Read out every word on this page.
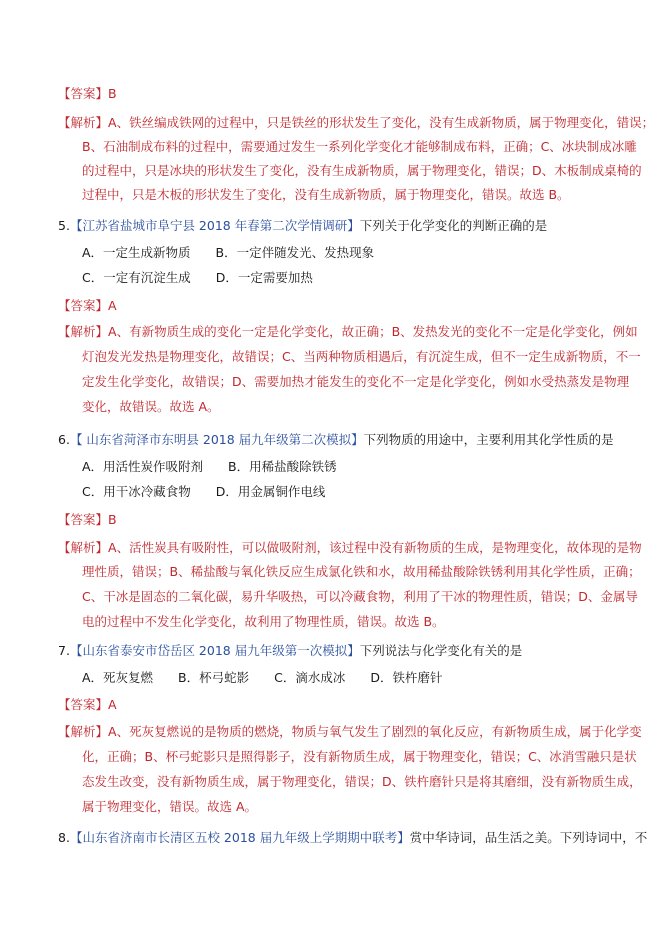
【答案】B
【解析】A、铁丝编成铁网的过程中，只是铁丝的形状发生了变化，没有生成新物质，属于物理变化，错误；
B、石油制成布料的过程中，需要通过发生一系列化学变化才能够制成布料，正确；C、冰块制成冰雕
的过程中，只是冰块的形状发生了变化，没有生成新物质，属于物理变化，错误；D、木板制成桌椅的
过程中，只是木板的形状发生了变化，没有生成新物质，属于物理变化，错误。故选 B。
5.【江苏省盐城市阜宁县 2018 年春第二次学情调研】下列关于化学变化的判断正确的是
A．一定生成新物质　　B．一定伴随发光、发热现象
C．一定有沉淀生成　　D．一定需要加热
【答案】A
【解析】A、有新物质生成的变化一定是化学变化，故正确；B、发热发光的变化不一定是化学变化，例如
灯泡发光发热是物理变化，故错误；C、当两种物质相遇后，有沉淀生成，但不一定生成新物质，不一
定发生化学变化，故错误；D、需要加热才能发生的变化不一定是化学变化，例如水受热蒸发是物理
变化，故错误。故选 A。
6.【 山东省菏泽市东明县 2018 届九年级第二次模拟】下列物质的用途中，主要利用其化学性质的是
A．用活性炭作吸附剂　　B．用稀盐酸除铁锈
C．用干冰冷藏食物　　D．用金属铜作电线
【答案】B
【解析】A、活性炭具有吸附性，可以做吸附剂，该过程中没有新物质的生成，是物理变化，故体现的是物
理性质，错误；B、稀盐酸与氧化铁反应生成氯化铁和水，故用稀盐酸除铁锈利用其化学性质，正确；
C、干冰是固态的二氧化碳，易升华吸热，可以冷藏食物，利用了干冰的物理性质，错误；D、金属导
电的过程中不发生化学变化，故利用了物理性质，错误。故选 B。
7.【山东省泰安市岱岳区 2018 届九年级第一次模拟】下列说法与化学变化有关的是
A．死灰复燃　　B．杯弓蛇影　　C．滴水成冰　　D．铁杵磨针
【答案】A
【解析】A、死灰复燃说的是物质的燃烧，物质与氧气发生了剧烈的氧化反应，有新物质生成，属于化学变
化，正确；B、杯弓蛇影只是照得影子，没有新物质生成，属于物理变化，错误；C、冰消雪融只是状
态发生改变，没有新物质生成，属于物理变化，错误；D、铁杵磨针只是将其磨细，没有新物质生成，
属于物理变化，错误。故选 A。
8.【山东省济南市长清区五校 2018 届九年级上学期期中联考】赏中华诗词，品生活之美。下列诗词中，不
